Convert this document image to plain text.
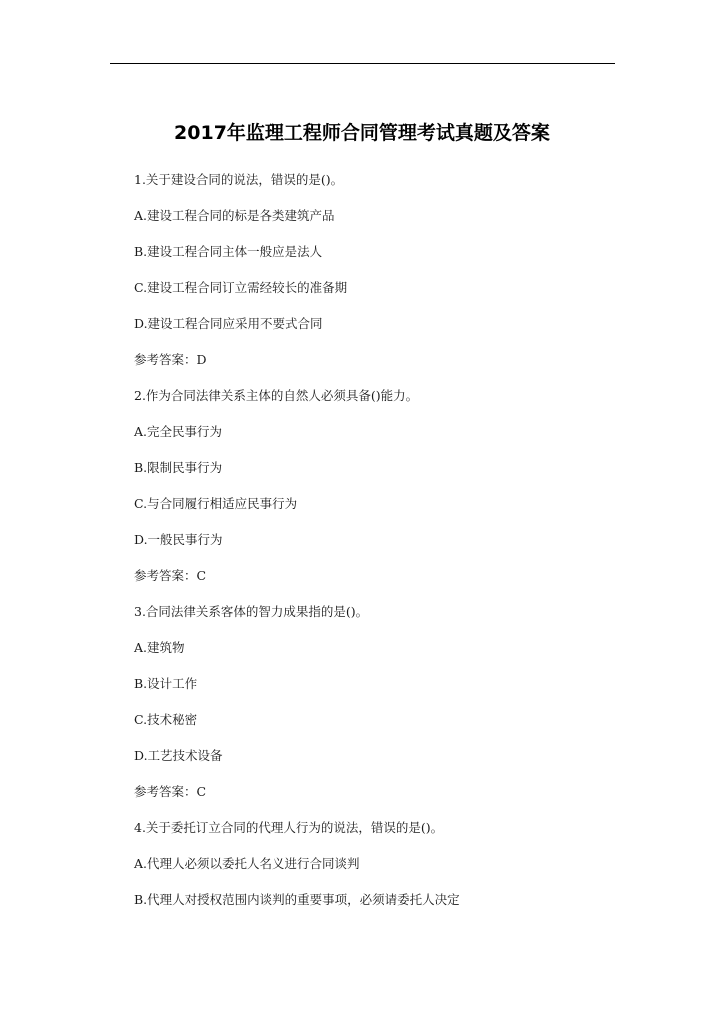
2017年监理工程师合同管理考试真题及答案
1.关于建设合同的说法，错误的是()。
A.建设工程合同的标是各类建筑产品
B.建设工程合同主体一般应是法人
C.建设工程合同订立需经较长的准备期
D.建设工程合同应采用不要式合同
参考答案：D
2.作为合同法律关系主体的自然人必须具备()能力。
A.完全民事行为
B.限制民事行为
C.与合同履行相适应民事行为
D.一般民事行为
参考答案：C
3.合同法律关系客体的智力成果指的是()。
A.建筑物
B.设计工作
C.技术秘密
D.工艺技术设备
参考答案：C
4.关于委托订立合同的代理人行为的说法，错误的是()。
A.代理人必须以委托人名义进行合同谈判
B.代理人对授权范围内谈判的重要事项，必须请委托人决定
